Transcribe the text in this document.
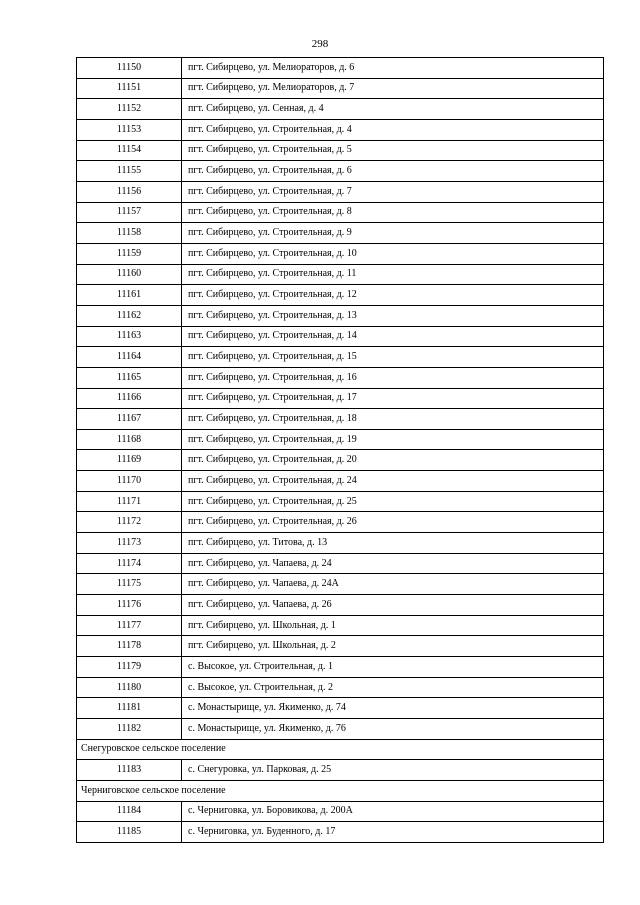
298
11150	пгт. Сибирцево, ул. Мелиораторов, д. 6
11151	пгт. Сибирцево, ул. Мелиораторов, д. 7
11152	пгт. Сибирцево, ул. Сенная, д. 4
11153	пгт. Сибирцево, ул. Строительная, д. 4
11154	пгт. Сибирцево, ул. Строительная, д. 5
11155	пгт. Сибирцево, ул. Строительная, д. 6
11156	пгт. Сибирцево, ул. Строительная, д. 7
11157	пгт. Сибирцево, ул. Строительная, д. 8
11158	пгт. Сибирцево, ул. Строительная, д. 9
11159	пгт. Сибирцево, ул. Строительная, д. 10
11160	пгт. Сибирцево, ул. Строительная, д. 11
11161	пгт. Сибирцево, ул. Строительная, д. 12
11162	пгт. Сибирцево, ул. Строительная, д. 13
11163	пгт. Сибирцево, ул. Строительная, д. 14
11164	пгт. Сибирцево, ул. Строительная, д. 15
11165	пгт. Сибирцево, ул. Строительная, д. 16
11166	пгт. Сибирцево, ул. Строительная, д. 17
11167	пгт. Сибирцево, ул. Строительная, д. 18
11168	пгт. Сибирцево, ул. Строительная, д. 19
11169	пгт. Сибирцево, ул. Строительная, д. 20
11170	пгт. Сибирцево, ул. Строительная, д. 24
11171	пгт. Сибирцево, ул. Строительная, д. 25
11172	пгт. Сибирцево, ул. Строительная, д. 26
11173	пгт. Сибирцево, ул. Титова, д. 13
11174	пгт. Сибирцево, ул. Чапаева, д. 24
11175	пгт. Сибирцево, ул. Чапаева, д. 24А
11176	пгт. Сибирцево, ул. Чапаева, д. 26
11177	пгт. Сибирцево, ул. Школьная, д. 1
11178	пгт. Сибирцево, ул. Школьная, д. 2
11179	с. Высокое, ул. Строительная, д. 1
11180	с. Высокое, ул. Строительная, д. 2
11181	с. Монастырище, ул. Якименко, д. 74
11182	с. Монастырище, ул. Якименко, д. 76
Снегуровское сельское поселение	
11183	с. Снегуровка, ул. Парковая, д. 25
Черниговское сельское поселение	
11184	с. Черниговка, ул. Боровикова, д. 200А
11185	с. Черниговка, ул. Буденного, д. 17
